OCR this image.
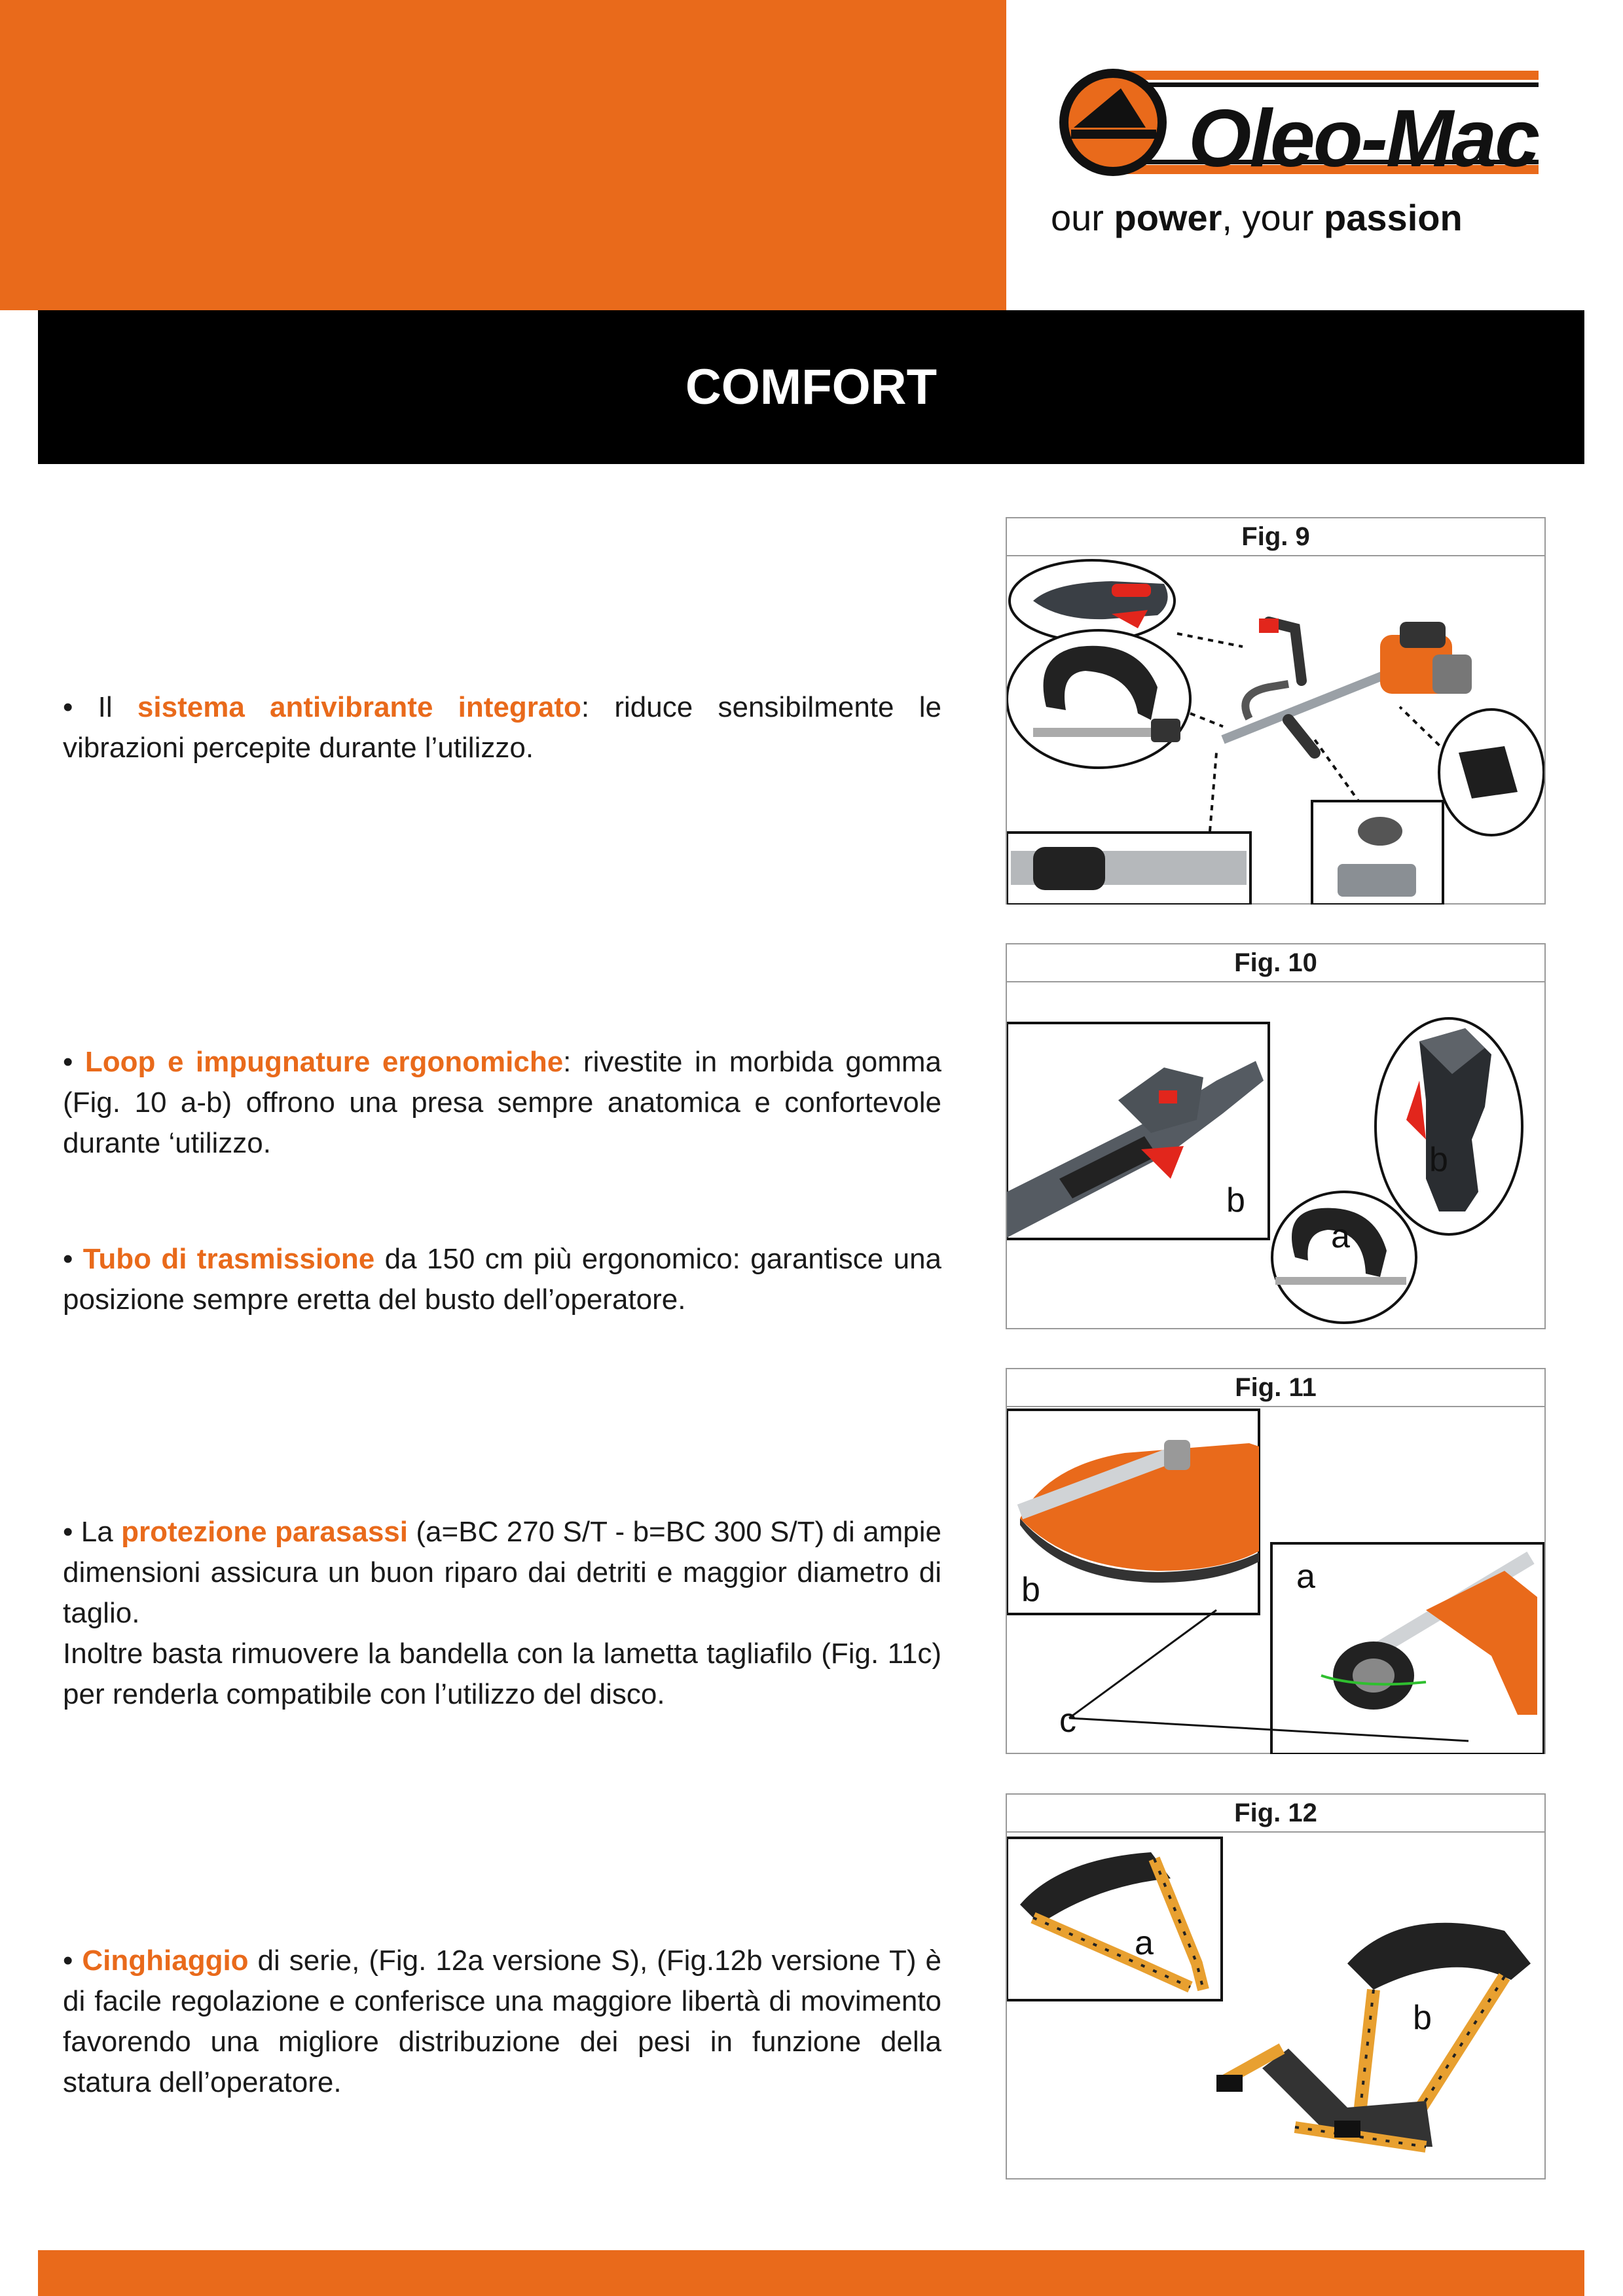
Oleo-Mac
our power, your passion
COMFORT
• Il sistema antivibrante integrato: riduce sensibilmente le vibrazioni percepite durante l’utilizzo.
• Loop e impugnature ergonomiche: rivestite in morbida gomma (Fig. 10 a-b) offrono una presa sempre anatomica e confortevole durante ‘utilizzo.
• Tubo di trasmissione da 150 cm più ergonomico: garantisce una posizione sempre eretta del busto dell’operatore.
• La protezione parasassi (a=BC 270 S/T - b=BC 300 S/T) di ampie dimensioni assicura un buon riparo dai detriti e maggior diametro di taglio.
Inoltre basta rimuovere la bandella con la lametta tagliafilo (Fig. 11c) per renderla compatibile con l’utilizzo del disco.
• Cinghiaggio di serie, (Fig. 12a versione S), (Fig.12b versione T) è di facile regolazione e conferisce una maggiore libertà di movimento favorendo una migliore distribuzione dei pesi in funzione della statura dell’operatore.
Fig. 9
Fig. 10
b
b
a
Fig. 11
b	a
c
Fig. 12
a
b
